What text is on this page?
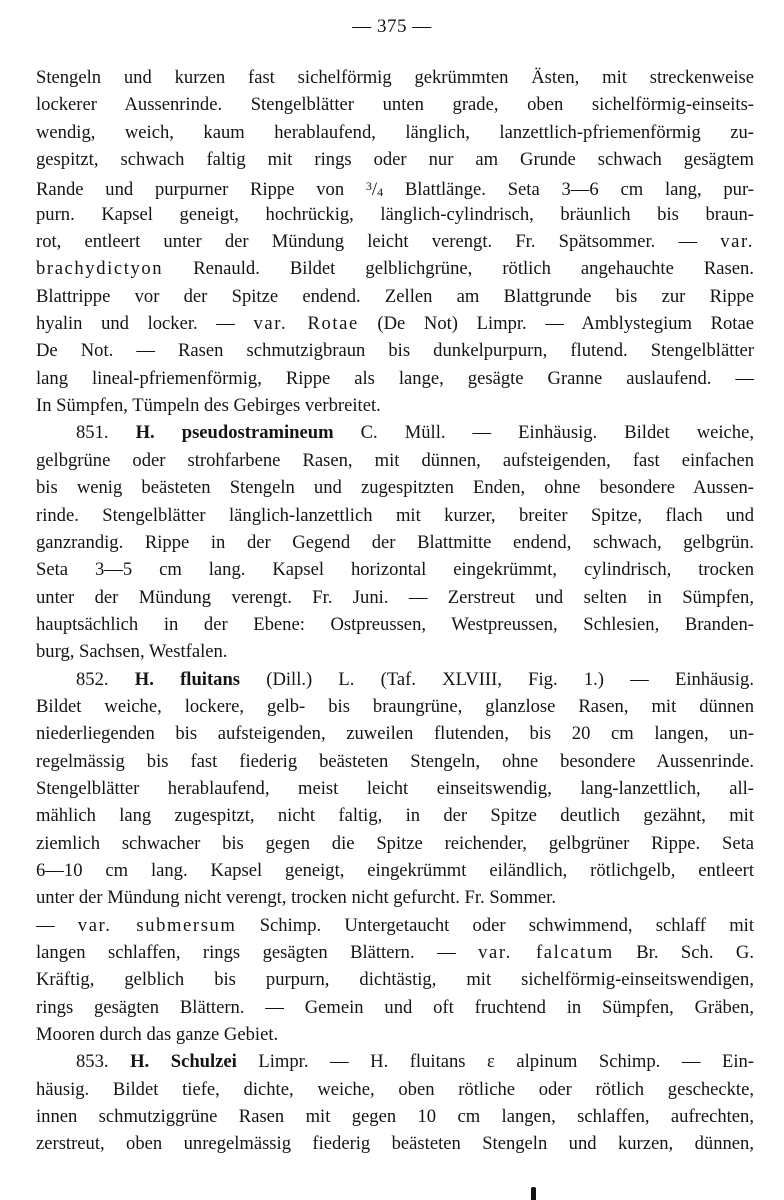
— 375 —
Stengeln und kurzen fast sichelförmig gekrümmten Ästen, mit streckenweise
lockerer Aussenrinde. Stengelblätter unten grade, oben sichelförmig-einseits-
wendig, weich, kaum herablaufend, länglich, lanzettlich-pfriemenförmig zu-
gespitzt, schwach faltig mit rings oder nur am Grunde schwach gesägtem
Rande und purpurner Rippe von $^3$/4 Blattlänge. Seta 3—6 cm lang, pur-
purn. Kapsel geneigt, hochrückig, länglich-cylindrisch, bräunlich bis braun-
rot, entleert unter der Mündung leicht verengt. Fr. Spätsommer. — var.
brachydictyon Renauld. Bildet gelblichgrüne, rötlich angehauchte Rasen.
Blattrippe vor der Spitze endend. Zellen am Blattgrunde bis zur Rippe
hyalin und locker. — var. Rotae (De Not) Limpr. — Amblystegium Rotae
De Not. — Rasen schmutzigbraun bis dunkelpurpurn, flutend. Stengelblätter
lang lineal-pfriemenförmig, Rippe als lange, gesägte Granne auslaufend. —
In Sümpfen, Tümpeln des Gebirges verbreitet.
851. H. pseudostramineum C. Müll. — Einhäusig. Bildet weiche,
gelbgrüne oder strohfarbene Rasen, mit dünnen, aufsteigenden, fast einfachen
bis wenig beästeten Stengeln und zugespitzten Enden, ohne besondere Aussen-
rinde. Stengelblätter länglich-lanzettlich mit kurzer, breiter Spitze, flach und
ganzrandig. Rippe in der Gegend der Blattmitte endend, schwach, gelbgrün.
Seta 3—5 cm lang. Kapsel horizontal eingekrümmt, cylindrisch, trocken
unter der Mündung verengt. Fr. Juni. — Zerstreut und selten in Sümpfen,
hauptsächlich in der Ebene: Ostpreussen, Westpreussen, Schlesien, Branden-
burg, Sachsen, Westfalen.
852. H. fluitans (Dill.) L. (Taf. XLVIII, Fig. 1.) — Einhäusig.
Bildet weiche, lockere, gelb- bis braungrüne, glanzlose Rasen, mit dünnen
niederliegenden bis aufsteigenden, zuweilen flutenden, bis 20 cm langen, un-
regelmässig bis fast fiederig beästeten Stengeln, ohne besondere Aussenrinde.
Stengelblätter herablaufend, meist leicht einseitswendig, lang-lanzettlich, all-
mählich lang zugespitzt, nicht faltig, in der Spitze deutlich gezähnt, mit
ziemlich schwacher bis gegen die Spitze reichender, gelbgrüner Rippe. Seta
6—10 cm lang. Kapsel geneigt, eingekrümmt eiländlich, rötlichgelb, entleert
unter der Mündung nicht verengt, trocken nicht gefurcht. Fr. Sommer.
— var. submersum Schimp. Untergetaucht oder schwimmend, schlaff mit
langen schlaffen, rings gesägten Blättern. — var. falcatum Br. Sch. G.
Kräftig, gelblich bis purpurn, dichtästig, mit sichelförmig-einseitswendigen,
rings gesägten Blättern. — Gemein und oft fruchtend in Sümpfen, Gräben,
Mooren durch das ganze Gebiet.
853. H. Schulzei Limpr. — H. fluitans ε alpinum Schimp. — Ein-
häusig. Bildet tiefe, dichte, weiche, oben rötliche oder rötlich gescheckte,
innen schmutziggrüne Rasen mit gegen 10 cm langen, schlaffen, aufrechten,
zerstreut, oben unregelmässig fiederig beästeten Stengeln und kurzen, dünnen,
